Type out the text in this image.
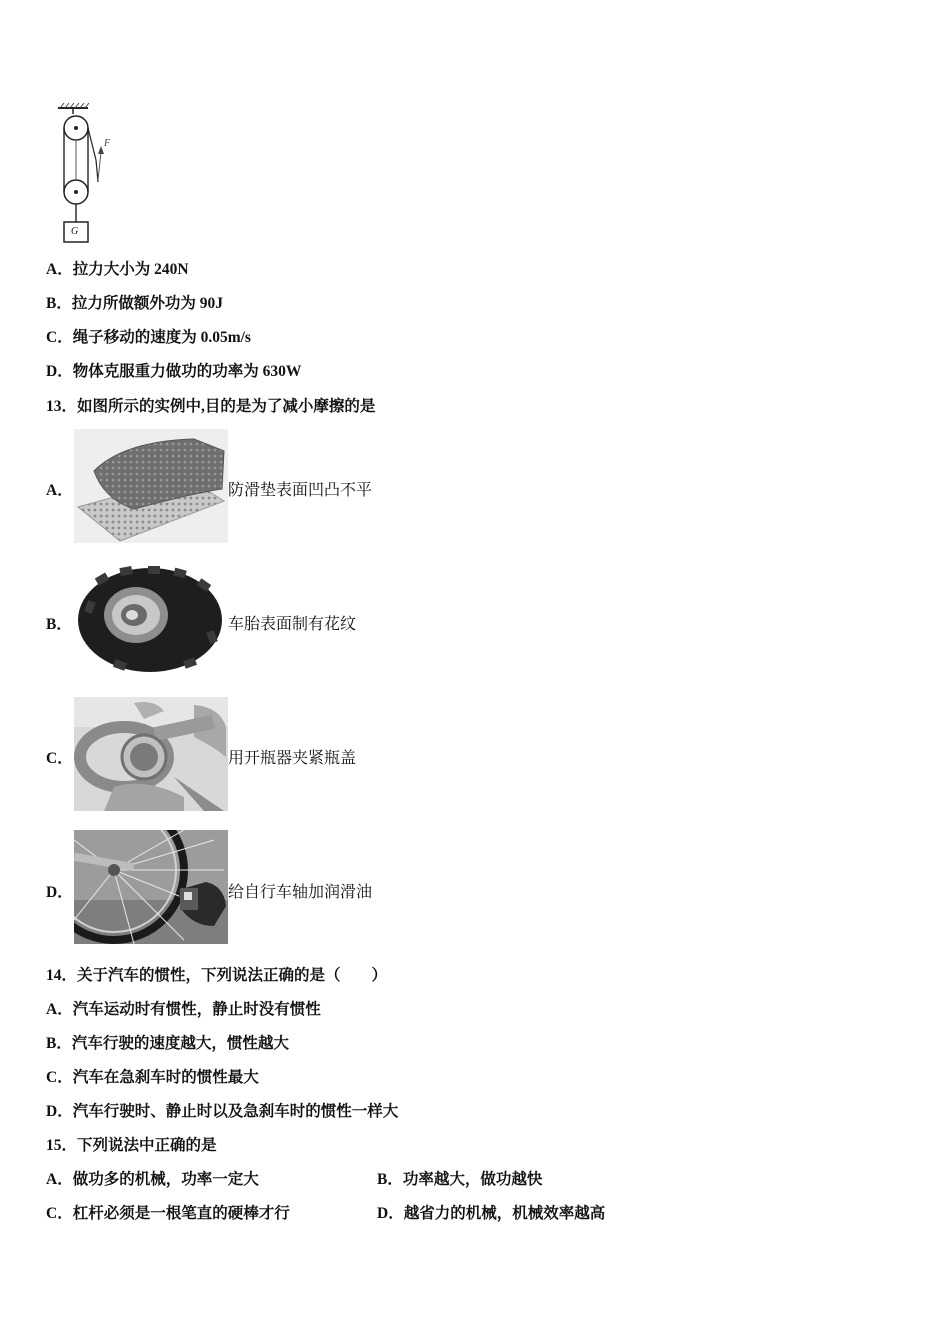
F
G
A．拉力大小为 240N
B．拉力所做额外功为 90J
C．绳子移动的速度为 0.05m/s
D．物体克服重力做功的功率为 630W
13．如图所示的实例中,目的是为了减小摩擦的是
A．	防滑垫表面凹凸不平
B．	车胎表面制有花纹
C．	用开瓶器夹紧瓶盖
D．	给自行车轴加润滑油
14．关于汽车的惯性，下列说法正确的是（　　）
A．汽车运动时有惯性，静止时没有惯性
B．汽车行驶的速度越大，惯性越大
C．汽车在急刹车时的惯性最大
D．汽车行驶时、静止时以及急刹车时的惯性一样大
15．下列说法中正确的是
A．做功多的机械，功率一定大	B．功率越大，做功越快
C．杠杆必须是一根笔直的硬棒才行	D．越省力的机械，机械效率越高
